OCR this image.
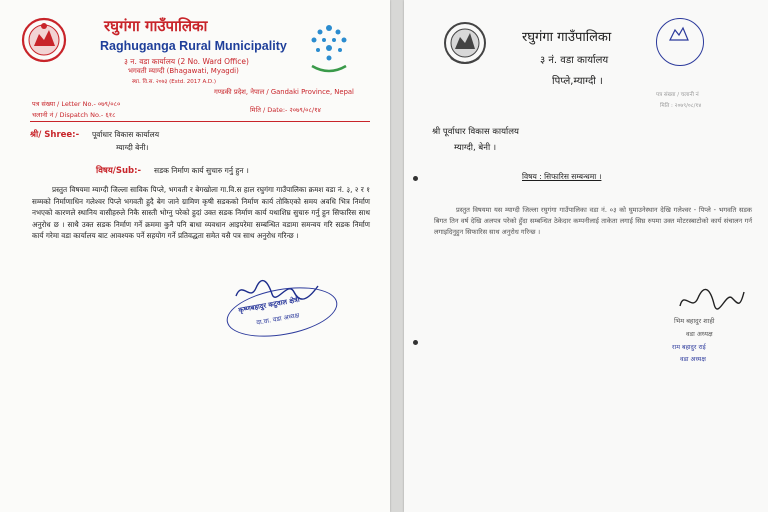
रघुगंगा गाउँपालिका
Raghuganga Rural Municipality
३ न. वडा कार्यालय (2 No. Ward Office)
भगवती म्याग्दी (Bhagawati, Myagdi)
स्था. वि.स. २०७३ (Estd. 2017 A.D.)
गण्डकी प्रदेश, नेपाल / Gandaki Province, Nepal
पत्र संख्या / Letter No.- ०७९/०८०
चलानी नं / Dispatch No.- ६१८
मिति / Date:- २०७९/०८/१४
श्री/ Shree:- पूर्वाधार विकास कार्यालय
म्याग्दी बेनी।
विषय/Sub:- सडक निर्माण कार्य सुचारु गर्नु हुन ।
प्रस्तुत विषयमा म्याग्दी जिल्ला साविक पिप्ले, भगवती र बेगखोला गा.वि.स हाल रघुगंगा गाउँपालिका क्रमश वडा नं. ३, २ र १ सम्मको निर्माणाधिन गलेश्वर पिप्ले भगवती हुदै बेग जाने ग्रामिण कृषी सडकको निर्माण कार्य तोकिएको समय अवधि भित्र निर्माण नभएको कारणले स्थानिय वासीहरुले निकै सास्ती भोग्नु परेको हुदां उक्त सडक निर्माण कार्य यथाशिघ्र सुचारु गर्नु हुन सिफारिस साथ अनुरोध छ । साथै उक्त सडक निर्माण गर्ने क्रममा कुनै पनि बाधा व्यवधान आइपरेमा सम्बन्धित वडामा समन्वय गरि सडक निर्माण कार्य गरेमा वडा कार्यालय बाट आवश्यक पर्ने सहयोग गर्ने प्रतिवद्धता समेत यसै पत्र साथ अनुरोध गरिन्छ ।
कृष्णबहादुर कटुवाल क्षेत्री
वा.वा. वडा अध्यक्ष
रघुगंगा गाउँपालिका
३ नं. वडा कार्यालय
पिप्ले,म्याग्दी ।
पत्र संख्या / चलानी नं
मिति : २०७९/०८/१४
श्री पूर्वाधार विकास कार्यालय
म्याग्दी, बेनी ।
विषय : सिफारिस सम्बन्धमा ।
प्रस्तुत विषयमा यस म्याग्दी जिल्ला रघुगंगा गाउँपालिका वडा नं. ०३ को घुमाउनेस्थान देखि गलेश्वर - पिप्ले - भगवति सडक बिगत तिन वर्ष देखि अलपत्र परेको हुँदा सम्बन्धित ठेकेदार कम्पनीलाई ताकेता लगाई सिघ्र रुपमा उक्त मोटरस्बाटोको कार्य संचालन गर्न लगाइदिनुहुन सिफारिस साथ अनुरोध गरिन्छ ।
भिम बहादुर शाही
वडा अध्यक्ष
राम बहादुर राई
वडा अध्यक्ष
